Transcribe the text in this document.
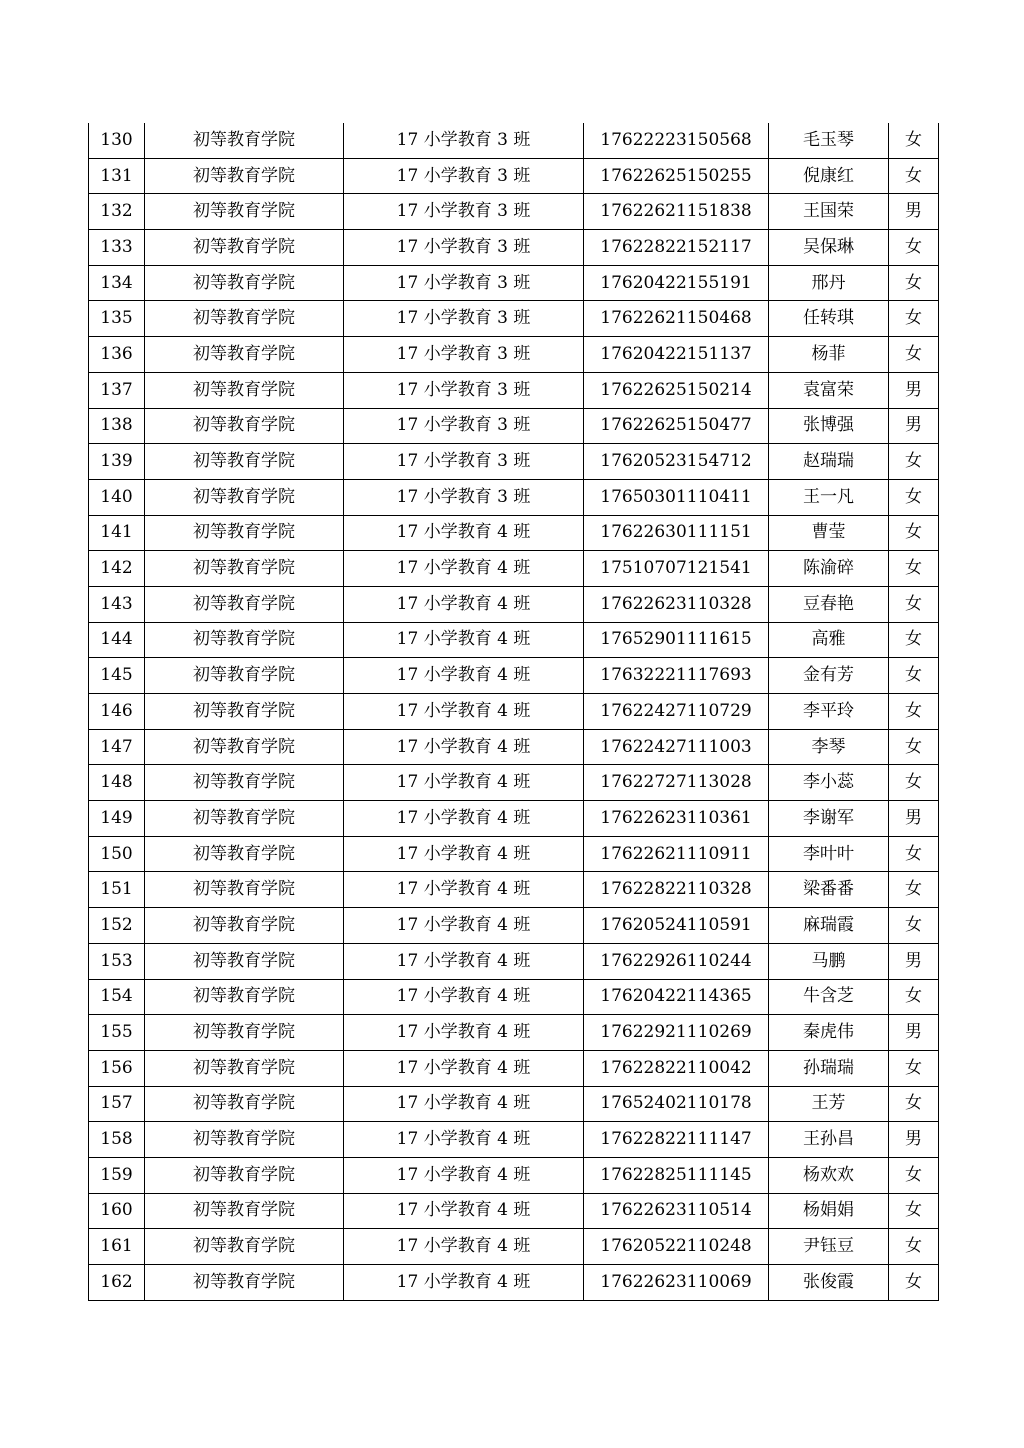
130	初等教育学院	17 小学教育 3 班	17622223150568	毛玉琴	女
131	初等教育学院	17 小学教育 3 班	17622625150255	倪康红	女
132	初等教育学院	17 小学教育 3 班	17622621151838	王国荣	男
133	初等教育学院	17 小学教育 3 班	17622822152117	吴保琳	女
134	初等教育学院	17 小学教育 3 班	17620422155191	邢丹	女
135	初等教育学院	17 小学教育 3 班	17622621150468	任转琪	女
136	初等教育学院	17 小学教育 3 班	17620422151137	杨菲	女
137	初等教育学院	17 小学教育 3 班	17622625150214	袁富荣	男
138	初等教育学院	17 小学教育 3 班	17622625150477	张博强	男
139	初等教育学院	17 小学教育 3 班	17620523154712	赵瑞瑞	女
140	初等教育学院	17 小学教育 3 班	17650301110411	王一凡	女
141	初等教育学院	17 小学教育 4 班	17622630111151	曹莹	女
142	初等教育学院	17 小学教育 4 班	17510707121541	陈渝碎	女
143	初等教育学院	17 小学教育 4 班	17622623110328	豆春艳	女
144	初等教育学院	17 小学教育 4 班	17652901111615	高雅	女
145	初等教育学院	17 小学教育 4 班	17632221117693	金有芳	女
146	初等教育学院	17 小学教育 4 班	17622427110729	李平玲	女
147	初等教育学院	17 小学教育 4 班	17622427111003	李琴	女
148	初等教育学院	17 小学教育 4 班	17622727113028	李小蕊	女
149	初等教育学院	17 小学教育 4 班	17622623110361	李谢军	男
150	初等教育学院	17 小学教育 4 班	17622621110911	李叶叶	女
151	初等教育学院	17 小学教育 4 班	17622822110328	梁番番	女
152	初等教育学院	17 小学教育 4 班	17620524110591	麻瑞霞	女
153	初等教育学院	17 小学教育 4 班	17622926110244	马鹏	男
154	初等教育学院	17 小学教育 4 班	17620422114365	牛含芝	女
155	初等教育学院	17 小学教育 4 班	17622921110269	秦虎伟	男
156	初等教育学院	17 小学教育 4 班	17622822110042	孙瑞瑞	女
157	初等教育学院	17 小学教育 4 班	17652402110178	王芳	女
158	初等教育学院	17 小学教育 4 班	17622822111147	王孙昌	男
159	初等教育学院	17 小学教育 4 班	17622825111145	杨欢欢	女
160	初等教育学院	17 小学教育 4 班	17622623110514	杨娟娟	女
161	初等教育学院	17 小学教育 4 班	17620522110248	尹钰豆	女
162	初等教育学院	17 小学教育 4 班	17622623110069	张俊霞	女
